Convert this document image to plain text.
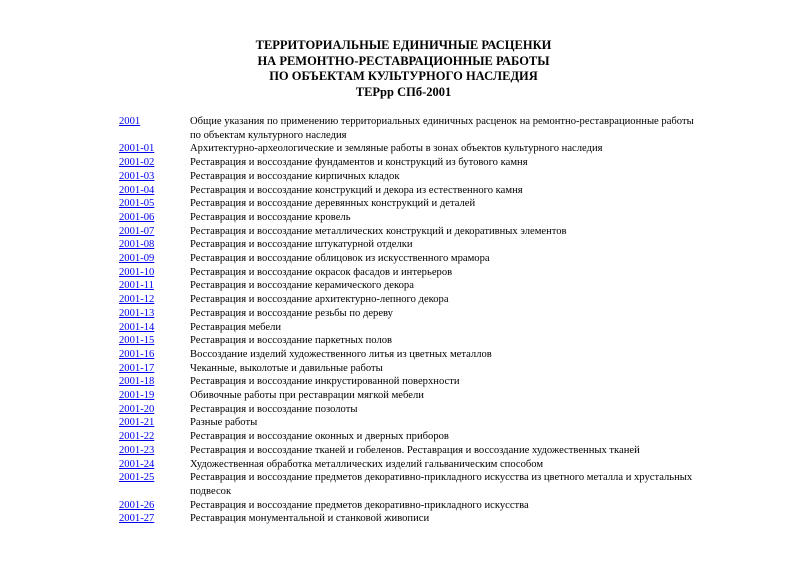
ТЕРРИТОРИАЛЬНЫЕ ЕДИНИЧНЫЕ РАСЦЕНКИ
НА РЕМОНТНО-РЕСТАВРАЦИОННЫЕ РАБОТЫ
ПО ОБЪЕКТАМ КУЛЬТУРНОГО НАСЛЕДИЯ
ТЕРрр СПб-2001
2001	Общие указания по применению территориальных единичных расценок на ремонтно-реставрационные работы по объектам культурного наследия
2001-01	Архитектурно-археологические и земляные работы в зонах объектов культурного наследия
2001-02	Реставрация и воссоздание фундаментов и конструкций из бутового камня
2001-03	Реставрация и воссоздание кирпичных кладок
2001-04	Реставрация и воссоздание конструкций и декора из естественного камня
2001-05	Реставрация и воссоздание деревянных конструкций и деталей
2001-06	Реставрация и воссоздание кровель
2001-07	Реставрация и воссоздание металлических конструкций и декоративных элементов
2001-08	Реставрация и воссоздание штукатурной отделки
2001-09	Реставрация и воссоздание облицовок из искусственного мрамора
2001-10	Реставрация и воссоздание окрасок фасадов и интерьеров
2001-11	Реставрация и воссоздание керамического декора
2001-12	Реставрация и воссоздание архитектурно-лепного декора
2001-13	Реставрация и воссоздание резьбы по дереву
2001-14	Реставрация мебели
2001-15	Реставрация и воссоздание паркетных полов
2001-16	Воссоздание изделий художественного литья из цветных металлов
2001-17	Чеканные, выколотые и давильные работы
2001-18	Реставрация и воссоздание инкрустированной поверхности
2001-19	Обивочные работы при реставрации мягкой мебели
2001-20	Реставрация и воссоздание позолоты
2001-21	Разные работы
2001-22	Реставрация и воссоздание оконных и дверных приборов
2001-23	Реставрация и воссоздание тканей и гобеленов. Реставрация и воссоздание художественных тканей
2001-24	Художественная обработка металлических изделий гальваническим способом
2001-25	Реставрация и воссоздание предметов декоративно-прикладного искусства из цветного металла и хрустальных подвесок
2001-26	Реставрация и воссоздание предметов декоративно-прикладного искусства
2001-27	Реставрация монументальной и станковой живописи
